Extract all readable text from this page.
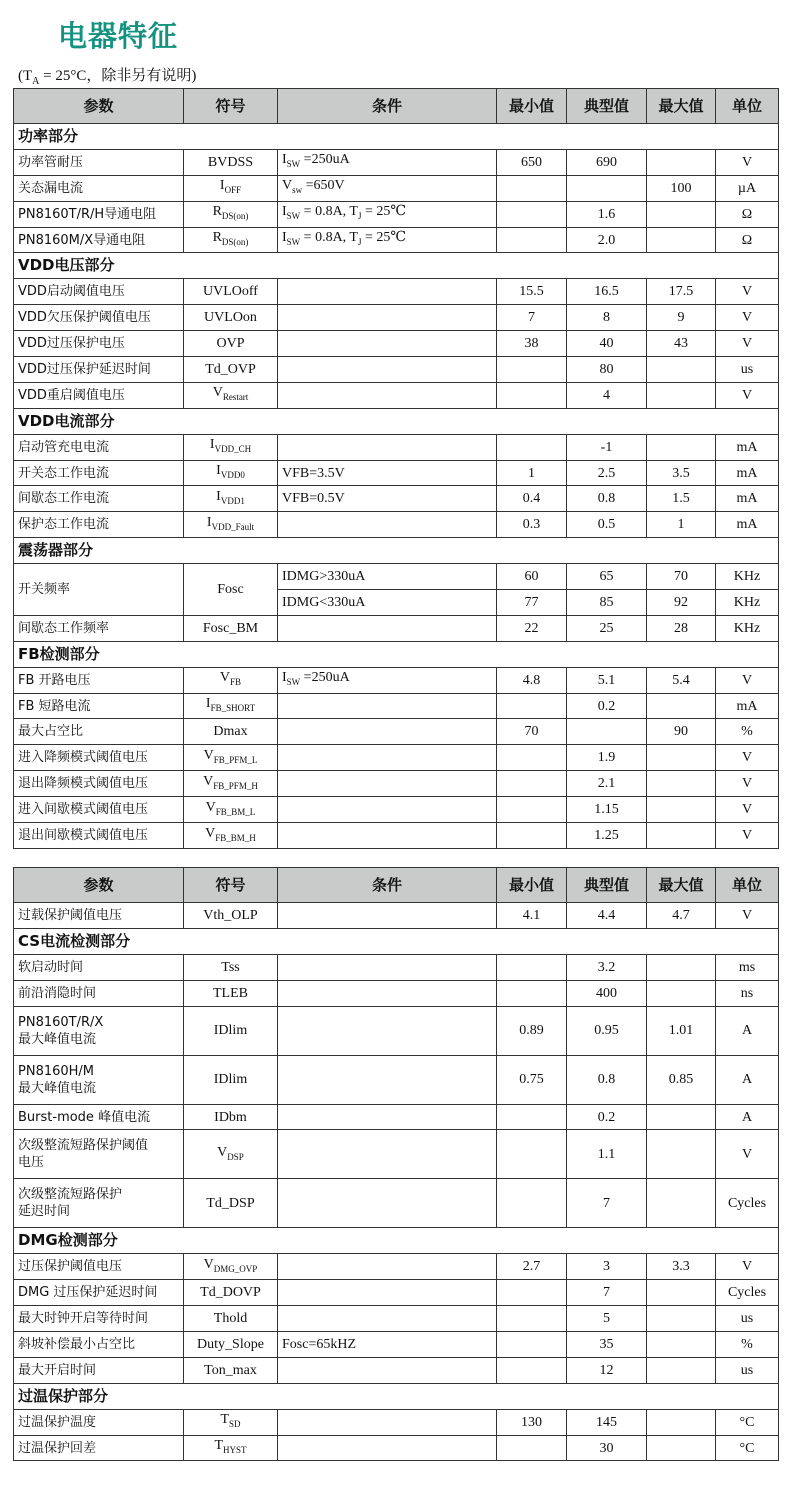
电器特征
($T_A = 25^\circ C$，除非另有说明)
参数	符号	条件	最小值	典型值	最大值	单位
功率部分						
功率管耐压	BVDSS	$I_{SW} =250uA$	650	690		V
关态漏电流	$I_{OFF}$	$V_{sw} =650V$			100	µA
PN8160T/R/H导通电阻	$R_{DS(on)}$	$I_{SW} = 0.8A$, $T_J$ = 25℃		1.6		Ω
PN8160M/X导通电阻	$R_{DS(on)}$	$I_{SW} = 0.8A$, $T_J$ = 25℃		2.0		Ω
VDD电压部分						
VDD启动阈值电压	UVLOoff		15.5	16.5	17.5	V
VDD欠压保护阈值电压	UVLOon		7	8	9	V
VDD过压保护电压	OVP		38	40	43	V
VDD过压保护延迟时间	Td_OVP			80		us
VDD重启阈值电压	$V_{Restart}$			4		V
VDD电流部分						
启动管充电电流	$I_{VDD\_CH}$			-1		mA
开关态工作电流	$I_{VDD0}$	VFB=3.5V	1	2.5	3.5	mA
间歇态工作电流	$I_{VDD1}$	VFB=0.5V	0.4	0.8	1.5	mA
保护态工作电流	$I_{VDD\_Fault}$		0.3	0.5	1	mA
震荡器部分						
开关频率	Fosc	IDMG>330uA	60	65	70	KHz
		IDMG<330uA	77	85	92	KHz
间歇态工作频率	Fosc_BM		22	25	28	KHz
FB检测部分						
FB 开路电压	$V_{FB}$	$I_{SW} =250uA$	4.8	5.1	5.4	V
FB 短路电流	$I_{FB\_SHORT}$			0.2		mA
最大占空比	Dmax		70		90	%
进入降频模式阈值电压	$V_{FB\_PFM\_L}$			1.9		V
退出降频模式阈值电压	$V_{FB\_PFM\_H}$			2.1		V
进入间歇模式阈值电压	$V_{FB\_BM\_L}$			1.15		V
退出间歇模式阈值电压	$V_{FB\_BM\_H}$			1.25		V
参数	符号	条件	最小值	典型值	最大值	单位
过载保护阈值电压	Vth_OLP		4.1	4.4	4.7	V
CS电流检测部分						
软启动时间	Tss			3.2		ms
前沿消隐时间	TLEB			400		ns
PN8160T/R/X
最大峰值电流	IDlim		0.89	0.95	1.01	A
PN8160H/M
最大峰值电流	IDlim		0.75	0.8	0.85	A
Burst-mode 峰值电流	IDbm			0.2		A
次级整流短路保护阈值
电压	$V_{DSP}$			1.1		V
次级整流短路保护
延迟时间	Td_DSP			7		Cycles
DMG检测部分						
过压保护阈值电压	$V_{DMG\_OVP}$		2.7	3	3.3	V
DMG 过压保护延迟时间	Td_DOVP			7		Cycles
最大时钟开启等待时间	Thold			5		us
斜坡补偿最小占空比	Duty_Slope	Fosc=65kHZ		35		%
最大开启时间	Ton_max			12		us
过温保护部分						
过温保护温度	$T_{SD}$		130	145		°C
过温保护回差	$T_{HYST}$			30		°C
